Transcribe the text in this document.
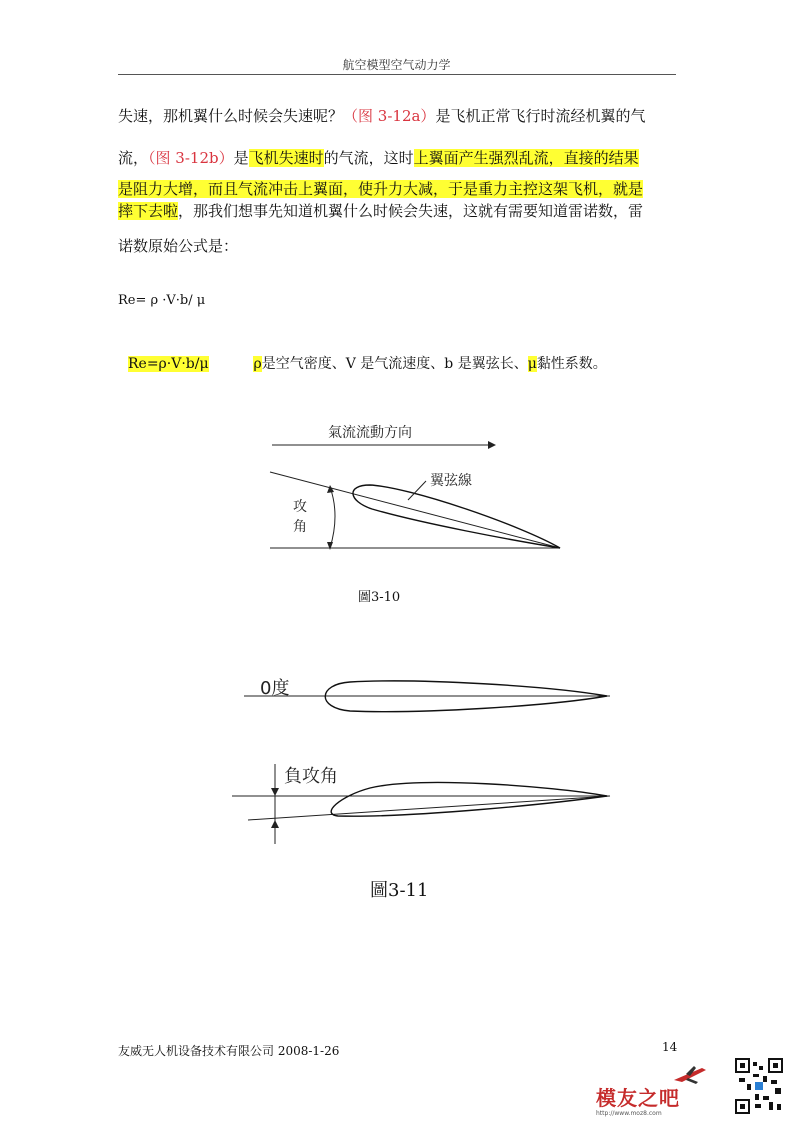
航空模型空气动力学
失速，那机翼什么时候会失速呢？（图 3-12a）是飞机正常飞行时流经机翼的气
流，（图 3-12b）是飞机失速时的气流，这时上翼面产生强烈乱流，直接的结果
是阻力大增，而且气流冲击上翼面，使升力大减，于是重力主控这架飞机，就是
摔下去啦，那我们想事先知道机翼什么时候会失速，这就有需要知道雷诺数，雷
诺数原始公式是：
Re= ρ ·V·b/ μ
Re=ρ·V·b/μ	ρ是空气密度、V 是气流速度、b 是翼弦长、μ黏性系数。
氣流流動方向
翼弦線
攻
角
圖3-10
0度
負攻角
圖3-11
友威无人机设备技术有限公司 2008-1-26	14
模友之吧
http://www.moz8.com
